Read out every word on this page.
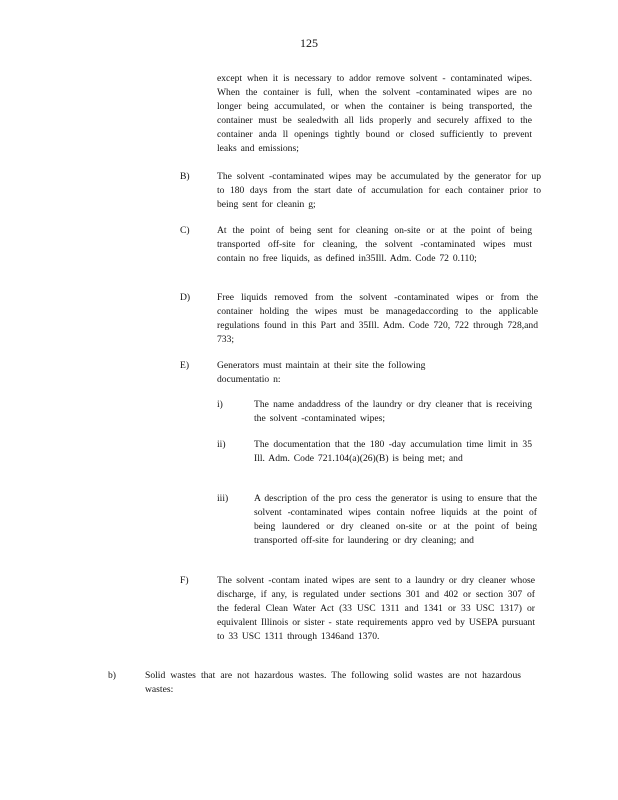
125
except when it is necessary to addor remove solvent - contaminated wipes. When the container is full, when the solvent -contaminated wipes are no longer being accumulated, or when the container is being transported, the container must be sealedwith all lids properly and securely affixed to the container anda ll openings tightly bound or closed sufficiently to prevent leaks and emissions;
B)	The solvent -contaminated wipes may be accumulated by the generator for up to 180 days from the start date of accumulation for each container prior to being sent for cleanin g;
C)	At the point of being sent for cleaning on-site or at the point of being transported off-site for cleaning, the solvent -contaminated wipes must contain no free liquids, as defined in35Ill. Adm. Code 72 0.110;
D)	Free liquids removed from the solvent -contaminated wipes or from the container holding the wipes must be managedaccording to the applicable regulations found in this Part and 35Ill. Adm. Code 720, 722 through 728,and 733;
E)	Generators must maintain at their site the following documentatio n:
i)	The name andaddress of the laundry or dry cleaner that is receiving the solvent -contaminated wipes;
ii)	The documentation that the 180 -day accumulation time limit in 35 Ill. Adm. Code 721.104(a)(26)(B) is being met; and
iii)	A description of the pro cess the generator is using to ensure that the solvent -contaminated wipes contain nofree liquids at the point of being laundered or dry cleaned on-site or at the point of being transported off-site for laundering or dry cleaning; and
F)	The solvent -contam inated wipes are sent to a laundry or dry cleaner whose discharge, if any, is regulated under sections 301 and 402 or section 307 of the federal Clean Water Act (33 USC 1311 and 1341 or 33 USC 1317) or equivalent Illinois or sister - state requirements appro ved by USEPA pursuant to 33 USC 1311 through 1346and 1370.
b)	Solid wastes that are not hazardous wastes. The following solid wastes are not hazardous wastes:
